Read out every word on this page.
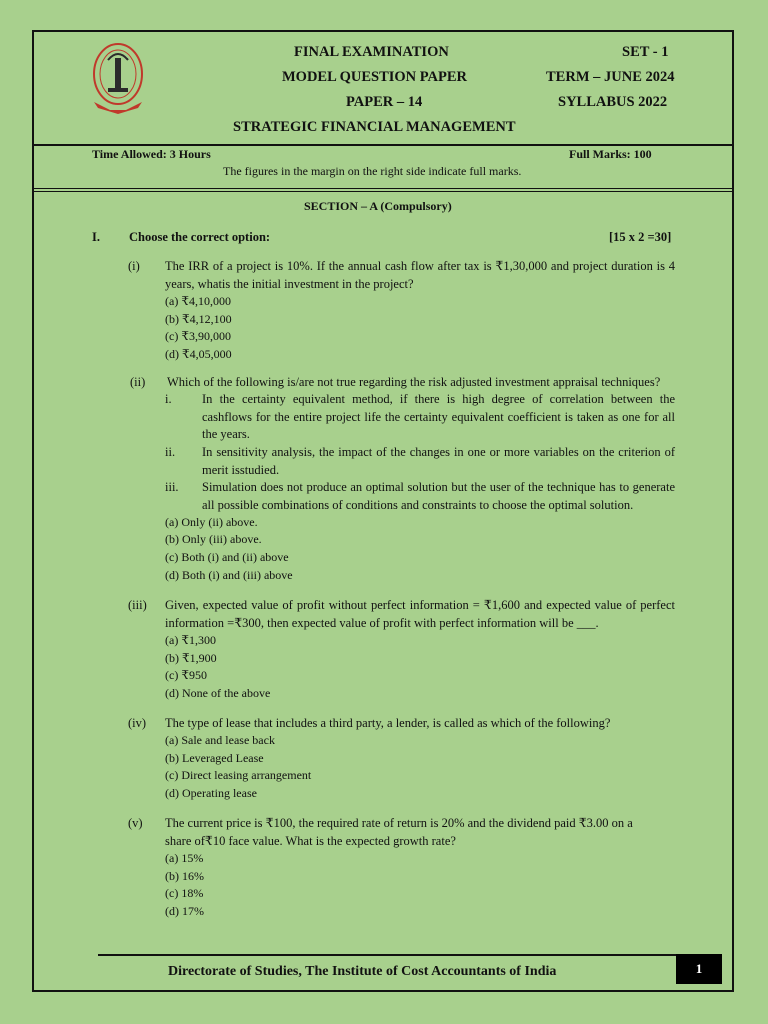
FINAL EXAMINATION	SET - 1
MODEL QUESTION PAPER	TERM – JUNE 2024
PAPER – 14	SYLLABUS 2022
STRATEGIC FINANCIAL MANAGEMENT
Time Allowed: 3 Hours	Full Marks: 100
The figures in the margin on the right side indicate full marks.
SECTION – A (Compulsory)
I. Choose the correct option:	[15 x 2 =30]
(i) The IRR of a project is 10%. If the annual cash flow after tax is ₹1,30,000 and project duration is 4 years, whatis the initial investment in the project?
(a) ₹4,10,000
(b) ₹4,12,100
(c) ₹3,90,000
(d) ₹4,05,000
(ii) Which of the following is/are not true regarding the risk adjusted investment appraisal techniques?
i. In the certainty equivalent method, if there is high degree of correlation between the cashflows for the entire project life the certainty equivalent coefficient is taken as one for all the years.
ii. In sensitivity analysis, the impact of the changes in one or more variables on the criterion of merit isstudied.
iii. Simulation does not produce an optimal solution but the user of the technique has to generate all possible combinations of conditions and constraints to choose the optimal solution.
(a) Only (ii) above.
(b) Only (iii) above.
(c) Both (i) and (ii) above
(d) Both (i) and (iii) above
(iii) Given, expected value of profit without perfect information = ₹1,600 and expected value of perfect information =₹300, then expected value of profit with perfect information will be ___.
(a) ₹1,300
(b) ₹1,900
(c) ₹950
(d) None of the above
(iv) The type of lease that includes a third party, a lender, is called as which of the following?
(a) Sale and lease back
(b) Leveraged Lease
(c) Direct leasing arrangement
(d) Operating lease
(v) The current price is ₹100, the required rate of return is 20% and the dividend paid ₹3.00 on a share of₹10 face value. What is the expected growth rate?
(a) 15%
(b) 16%
(c) 18%
(d) 17%
Directorate of Studies, The Institute of Cost Accountants of India	1
